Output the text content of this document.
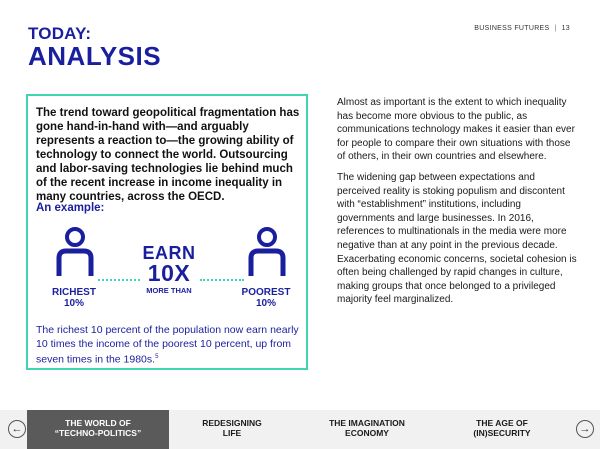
TODAY:
ANALYSIS
BUSINESS FUTURES | 13
The trend toward geopolitical fragmentation has gone hand-in-hand with—and arguably represents a reaction to—the growing ability of technology to connect the world. Outsourcing and labor-saving technologies lie behind much of the recent increase in income inequality in many countries, across the OECD.
An example:
EARN
10X
MORE THAN
RICHEST
10%
POOREST
10%
The richest 10 percent of the population now earn nearly 10 times the income of the poorest 10 percent, up from seven times in the 1980s.$^5$

Almost as important is the extent to which inequality has become more obvious to the public, as communications technology makes it easier than ever for people to compare their own situations with those of others, in their own countries and elsewhere.

The widening gap between expectations and perceived reality is stoking populism and discontent with “establishment” institutions, including governments and large businesses. In 2016, references to multinationals in the media were more negative than at any point in the previous decade. Exacerbating economic concerns, societal cohesion is often being challenged by rapid changes in culture, making groups that once belonged to a privileged majority feel marginalized.

←	THE WORLD OF
“TECHNO-POLITICS”
REDESIGNING
LIFE
THE IMAGINATION
ECONOMY
THE AGE OF
(IN)SECURITY	→
